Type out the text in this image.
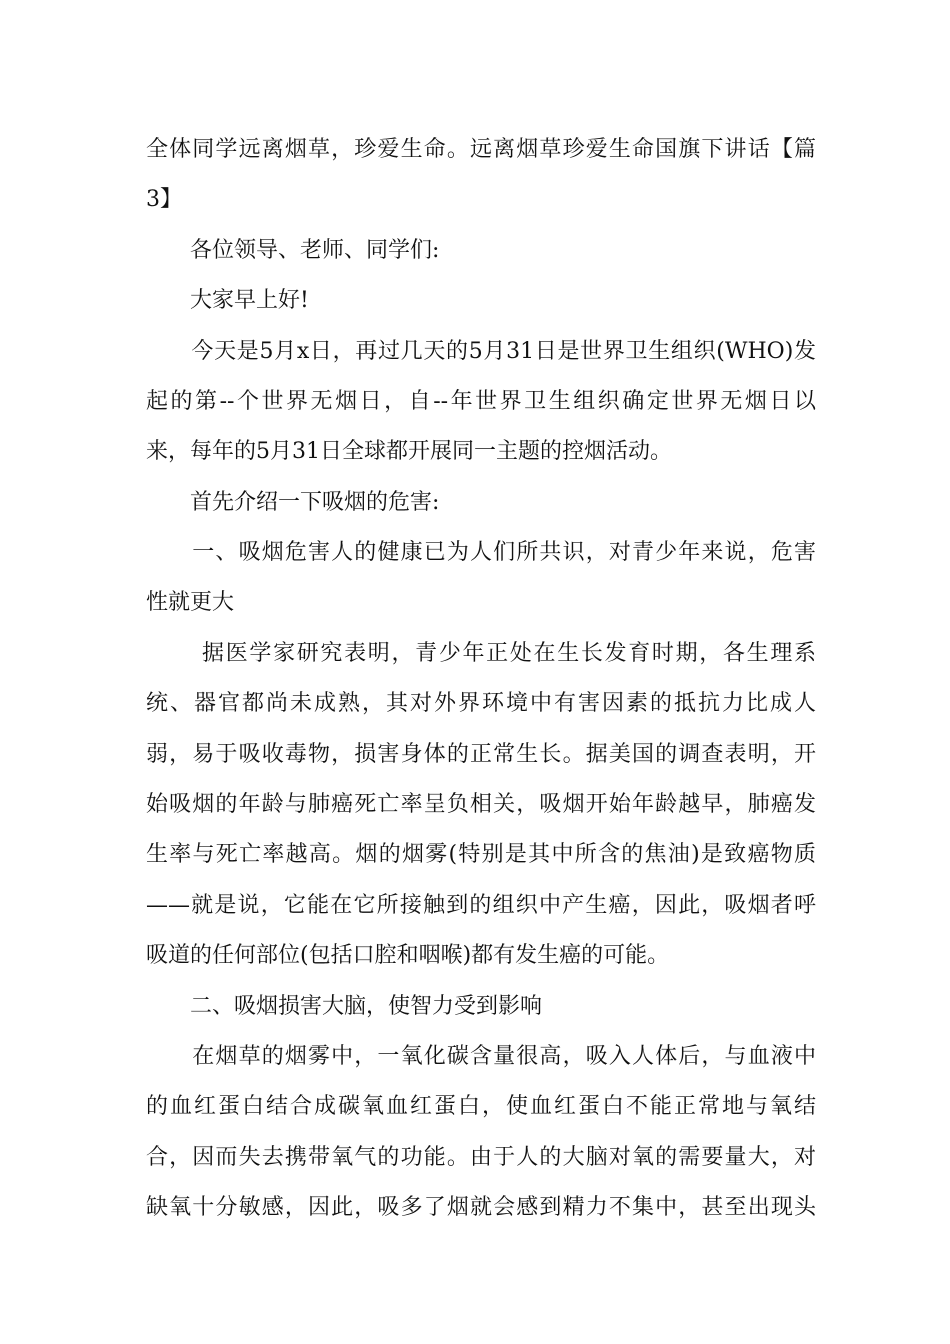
全体同学远离烟草，珍爱生命。远离烟草珍爱生命国旗下讲话【篇
3】
　　各位领导、老师、同学们:
　　大家早上好!
　　今天是5月x日，再过几天的5月31日是世界卫生组织(WHO)发
起的第--个世界无烟日，自--年世界卫生组织确定世界无烟日以
来，每年的5月31日全球都开展同一主题的控烟活动。
　　首先介绍一下吸烟的危害:
　　一、吸烟危害人的健康已为人们所共识，对青少年来说，危害
性就更大
　　 据医学家研究表明，青少年正处在生长发育时期，各生理系
统、器官都尚未成熟，其对外界环境中有害因素的抵抗力比成人
弱，易于吸收毒物，损害身体的正常生长。据美国的调查表明，开
始吸烟的年龄与肺癌死亡率呈负相关，吸烟开始年龄越早，肺癌发
生率与死亡率越高。烟的烟雾(特别是其中所含的焦油)是致癌物质
——就是说，它能在它所接触到的组织中产生癌，因此，吸烟者呼
吸道的任何部位(包括口腔和咽喉)都有发生癌的可能。
　　二、吸烟损害大脑，使智力受到影响
　　在烟草的烟雾中，一氧化碳含量很高，吸入人体后，与血液中
的血红蛋白结合成碳氧血红蛋白，使血红蛋白不能正常地与氧结
合，因而失去携带氧气的功能。由于人的大脑对氧的需要量大，对
缺氧十分敏感，因此，吸多了烟就会感到精力不集中，甚至出现头
